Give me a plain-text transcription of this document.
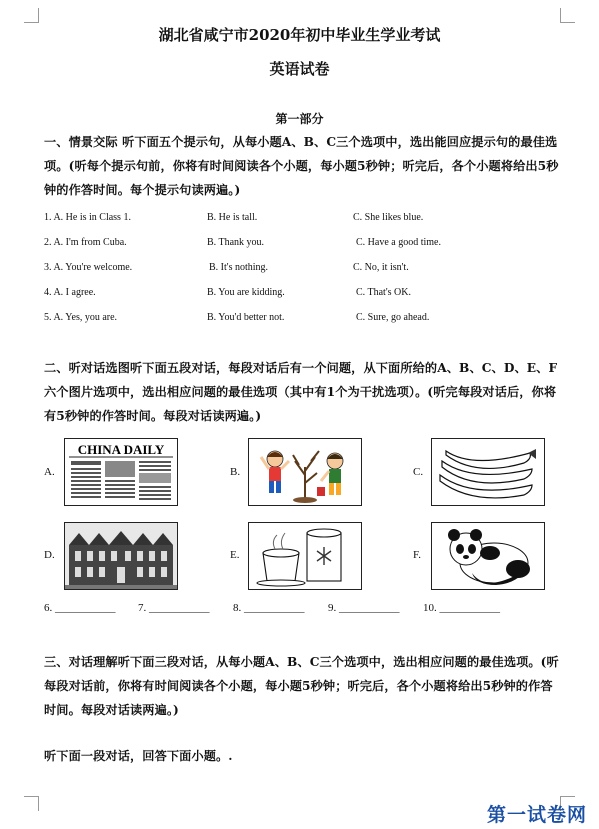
湖北省咸宁市2020年初中毕业生学业考试
英语试卷
第一部分
一、情景交际 听下面五个提示句，从每小题A、B、C三个选项中，选出能回应提示句的最佳选项。(听每个提示句前，你将有时间阅读各个小题，每小题5秒钟；听完后，各个小题将给出5秒钟的作答时间。每个提示句读两遍。)
1. A. He is in Class 1.	B. He is tall.	C. She likes blue.
2. A. I'm from Cuba.	B. Thank you.	C. Have a good time.
3. A. You're welcome.	B. It's nothing.	C. No, it isn't.
4. A. I agree.	B. You are kidding.	C. That's OK.
5. A. Yes, you are.	B. You'd better not.	C. Sure, go ahead.
二、听对话选图听下面五段对话，每段对话后有一个问题，从下面所给的A、B、C、D、E、F六个图片选项中，选出相应问题的最佳选项（其中有1个为干扰选项）。(听完每段对话后，你将有5秒钟的作答时间。每段对话读两遍。)
A.
CHINA DAILY
B.	C.
D.	E.	F.
6. ___________ 7. ___________ 8. ___________ 9. ___________ 10. ___________
三、对话理解听下面三段对话，从每小题A、B、C三个选项中，选出相应问题的最佳选项。(听每段对话前，你将有时间阅读各个小题，每小题5秒钟；听完后，各个小题将给出5秒钟的作答时间。每段对话读两遍。)
听下面一段对话，回答下面小题。.
第一试卷网
